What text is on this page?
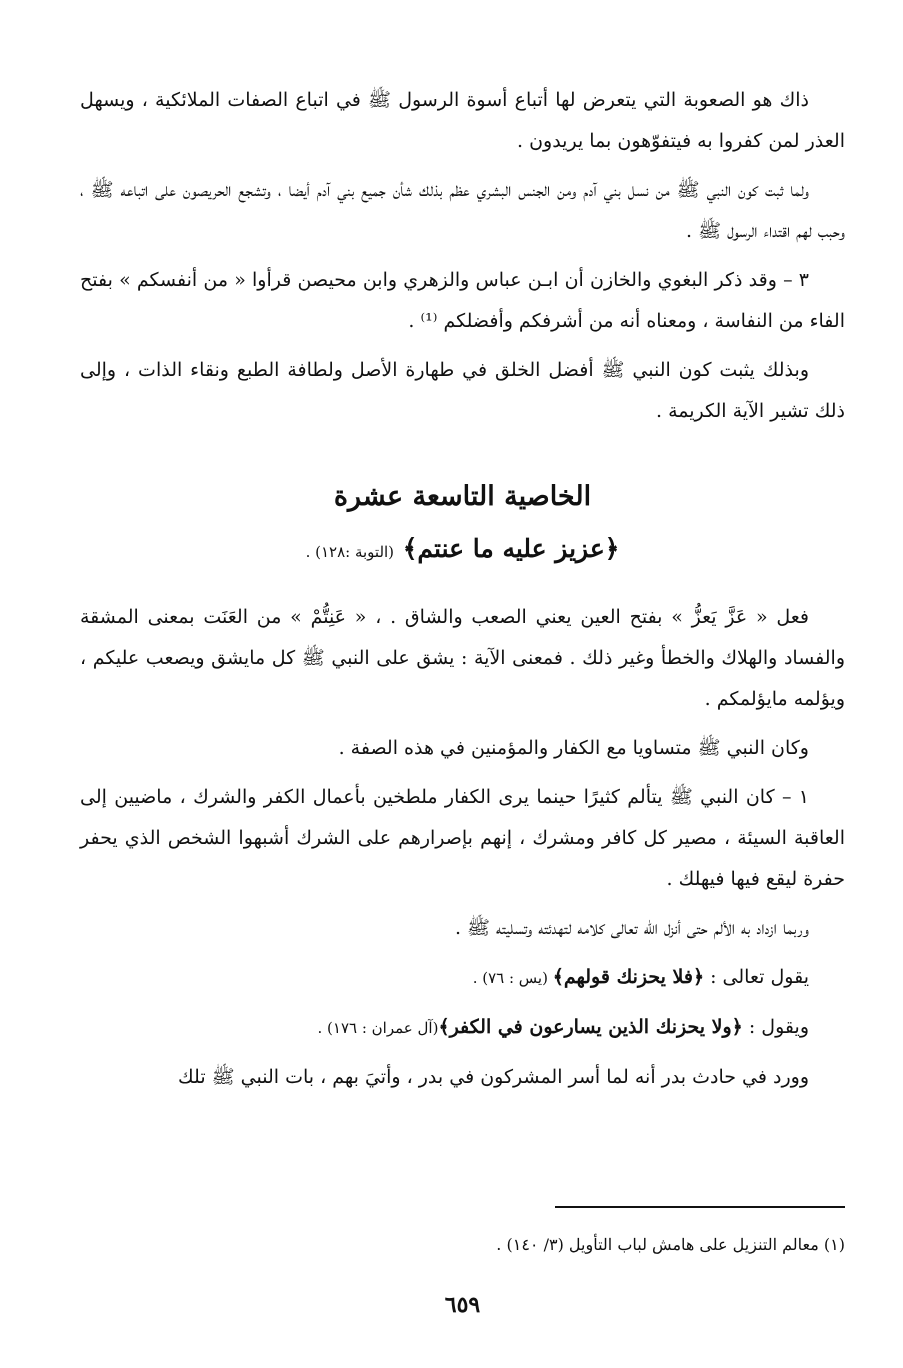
ذاك هو الصعوبة التي يتعرض لها أتباع أسوة الرسول ﷺ في اتباع الصفات الملائكية ، ويسهل العذر لمن كفروا به فيتفوّهون بما يريدون .

ولما ثبت كون النبي ﷺ من نسل بني آدم ومن الجنس البشري عظم بذلك شأن جميع بني آدم أيضا ، وتشجع الحريصون على اتباعه ﷺ ، وحبب لهم اقتداء الرسول ﷺ .

٣ – وقد ذكر البغوي والخازن أن ابـن عباس والزهري وابن محيصن قرأوا « من أنفسكم » بفتح الفاء من النفاسة ، ومعناه أنه من أشرفكم وأفضلكم ⁽¹⁾ .

وبذلك يثبت كون النبي ﷺ أفضل الخلق في طهارة الأصل ولطافة الطبع ونقاء الذات ، وإلى ذلك تشير الآية الكريمة .

الخاصية التاسعة عشرة
﴿عزيز عليه ما عنتم﴾ (التوبة :١٢٨) .

فعل « عَزَّ يَعزُّ » بفتح العين يعني الصعب والشاق . ، « عَنِتُّمْ » من العَنَت بمعنى المشقة والفساد والهلاك والخطأ وغير ذلك . فمعنى الآية : يشق على النبي ﷺ كل مايشق ويصعب عليكم ، ويؤلمه مايؤلمكم .

وكان النبي ﷺ متساويا مع الكفار والمؤمنين في هذه الصفة .

١ – كان النبي ﷺ يتألم كثيرًا حينما يرى الكفار ملطخين بأعمال الكفر والشرك ، ماضيين إلى العاقبة السيئة ، مصير كل كافر ومشرك ، إنهم بإصرارهم على الشرك أشبهوا الشخص الذي يحفر حفرة ليقع فيها فيهلك .

وربما ازداد به الألم حتى أنزل الله تعالى كلامه لتهدئته وتسليته ﷺ .

يقول تعالى : ﴿فلا يحزنك قولهم﴾ (يس : ٧٦) .

ويقول : ﴿ولا يحزنك الذين يسارعون في الكفر﴾(آل عمران : ١٧٦) .

وورد في حادث بدر أنه لما أسر المشركون في بدر ، وأتيَ بهم ، بات النبي ﷺ تلك

(١) معالم التنزيل على هامش لباب التأويل (٣/ ١٤٠) .
٦٥٩
